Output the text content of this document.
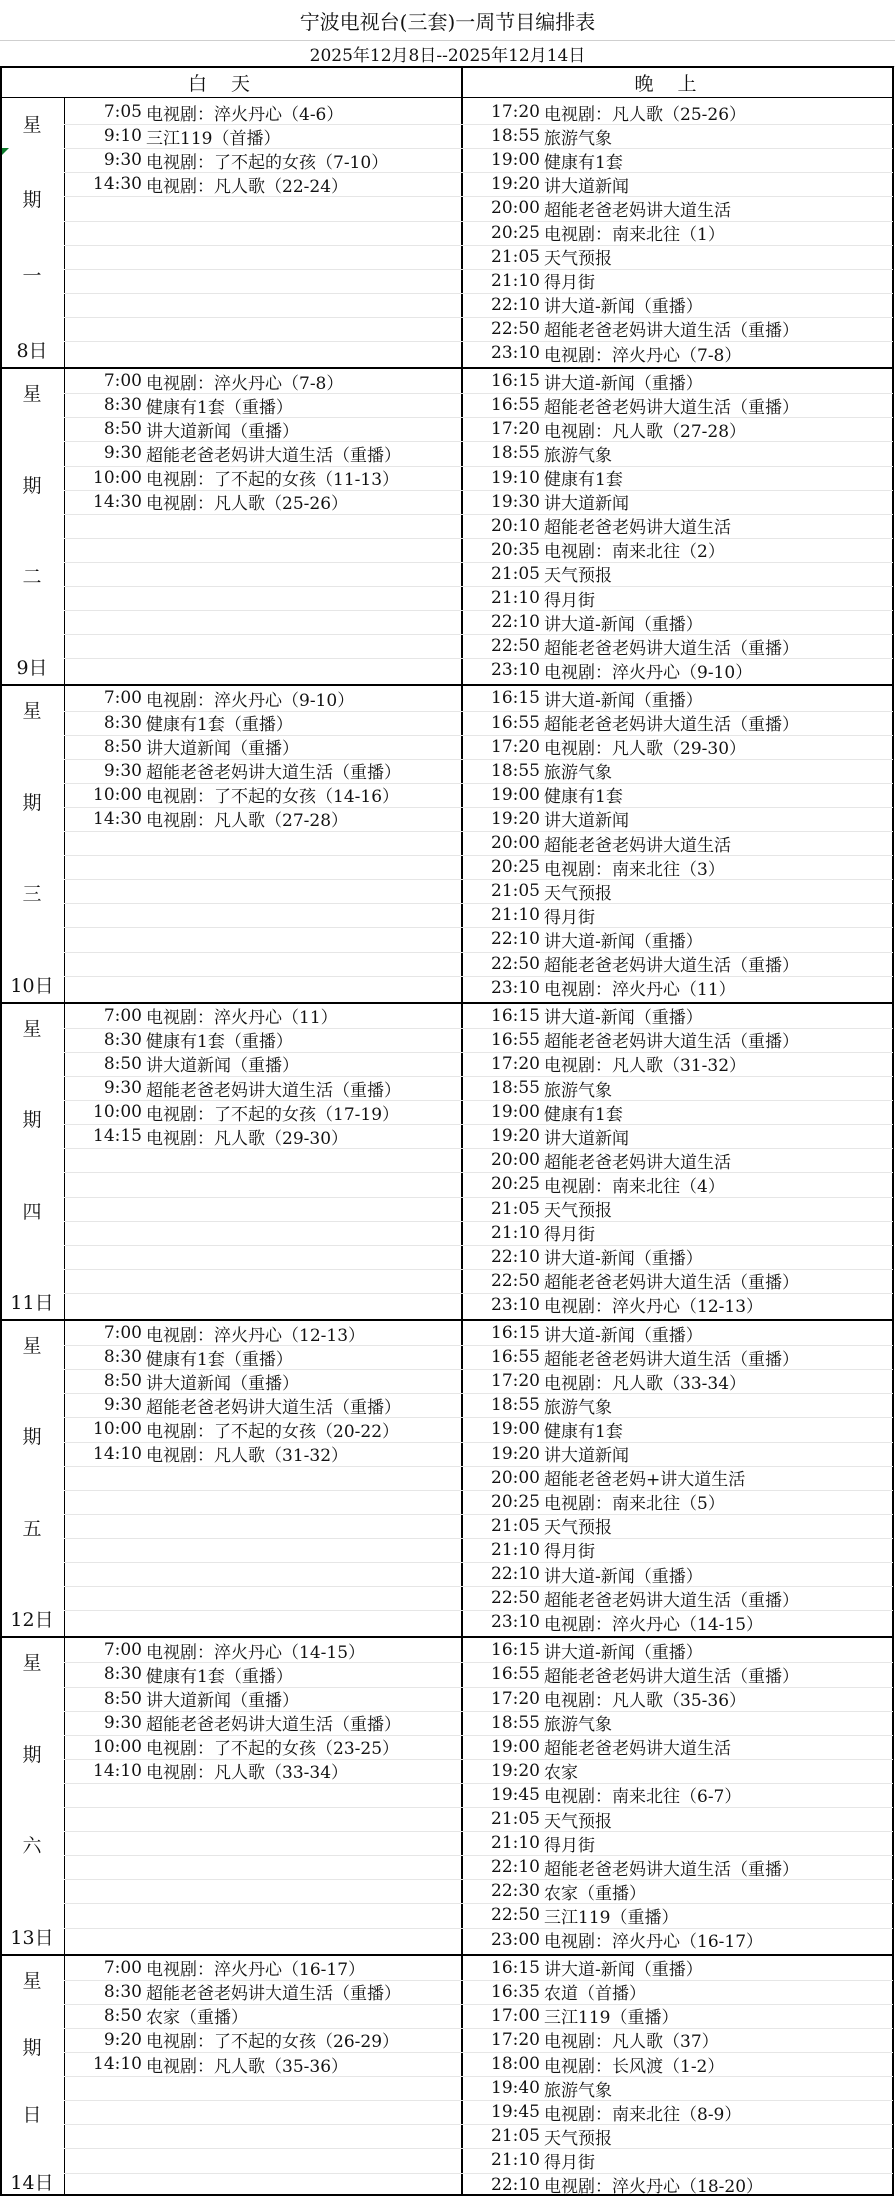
宁波电视台(三套)一周节目编排表
2025年12月8日--2025年12月14日
白天	晚上
星
期
一
8日
7:05 电视剧：淬火丹心（4-6）
9:10 三江119（首播）
9:30 电视剧：了不起的女孩（7-10）
14:30 电视剧：凡人歌（22-24）
17:20 电视剧：凡人歌（25-26）
18:55 旅游气象
19:00 健康有1套
19:20 讲大道新闻
20:00 超能老爸老妈讲大道生活
20:25 电视剧：南来北往（1）
21:05 天气预报
21:10 得月街
22:10 讲大道-新闻（重播）
22:50 超能老爸老妈讲大道生活（重播）
23:10 电视剧：淬火丹心（7-8）
星
期
二
9日
7:00 电视剧：淬火丹心（7-8）
8:30 健康有1套（重播）
8:50 讲大道新闻（重播）
9:30 超能老爸老妈讲大道生活（重播）
10:00 电视剧：了不起的女孩（11-13）
14:30 电视剧：凡人歌（25-26）
16:15 讲大道-新闻（重播）
16:55 超能老爸老妈讲大道生活（重播）
17:20 电视剧：凡人歌（27-28）
18:55 旅游气象
19:10 健康有1套
19:30 讲大道新闻
20:10 超能老爸老妈讲大道生活
20:35 电视剧：南来北往（2）
21:05 天气预报
21:10 得月街
22:10 讲大道-新闻（重播）
22:50 超能老爸老妈讲大道生活（重播）
23:10 电视剧：淬火丹心（9-10）
星
期
三
10日
7:00 电视剧：淬火丹心（9-10）
8:30 健康有1套（重播）
8:50 讲大道新闻（重播）
9:30 超能老爸老妈讲大道生活（重播）
10:00 电视剧：了不起的女孩（14-16）
14:30 电视剧：凡人歌（27-28）
16:15 讲大道-新闻（重播）
16:55 超能老爸老妈讲大道生活（重播）
17:20 电视剧：凡人歌（29-30）
18:55 旅游气象
19:00 健康有1套
19:20 讲大道新闻
20:00 超能老爸老妈讲大道生活
20:25 电视剧：南来北往（3）
21:05 天气预报
21:10 得月街
22:10 讲大道-新闻（重播）
22:50 超能老爸老妈讲大道生活（重播）
23:10 电视剧：淬火丹心（11）
星
期
四
11日
7:00 电视剧：淬火丹心（11）
8:30 健康有1套（重播）
8:50 讲大道新闻（重播）
9:30 超能老爸老妈讲大道生活（重播）
10:00 电视剧：了不起的女孩（17-19）
14:15 电视剧：凡人歌（29-30）
16:15 讲大道-新闻（重播）
16:55 超能老爸老妈讲大道生活（重播）
17:20 电视剧：凡人歌（31-32）
18:55 旅游气象
19:00 健康有1套
19:20 讲大道新闻
20:00 超能老爸老妈讲大道生活
20:25 电视剧：南来北往（4）
21:05 天气预报
21:10 得月街
22:10 讲大道-新闻（重播）
22:50 超能老爸老妈讲大道生活（重播）
23:10 电视剧：淬火丹心（12-13）
星
期
五
12日
7:00 电视剧：淬火丹心（12-13）
8:30 健康有1套（重播）
8:50 讲大道新闻（重播）
9:30 超能老爸老妈讲大道生活（重播）
10:00 电视剧：了不起的女孩（20-22）
14:10 电视剧：凡人歌（31-32）
16:15 讲大道-新闻（重播）
16:55 超能老爸老妈讲大道生活（重播）
17:20 电视剧：凡人歌（33-34）
18:55 旅游气象
19:00 健康有1套
19:20 讲大道新闻
20:00 超能老爸老妈+讲大道生活
20:25 电视剧：南来北往（5）
21:05 天气预报
21:10 得月街
22:10 讲大道-新闻（重播）
22:50 超能老爸老妈讲大道生活（重播）
23:10 电视剧：淬火丹心（14-15）
星
期
六
13日
7:00 电视剧：淬火丹心（14-15）
8:30 健康有1套（重播）
8:50 讲大道新闻（重播）
9:30 超能老爸老妈讲大道生活（重播）
10:00 电视剧：了不起的女孩（23-25）
14:10 电视剧：凡人歌（33-34）
16:15 讲大道-新闻（重播）
16:55 超能老爸老妈讲大道生活（重播）
17:20 电视剧：凡人歌（35-36）
18:55 旅游气象
19:00 超能老爸老妈讲大道生活
19:20 农家
19:45 电视剧：南来北往（6-7）
21:05 天气预报
21:10 得月街
22:10 超能老爸老妈讲大道生活（重播）
22:30 农家（重播）
22:50 三江119（重播）
23:00 电视剧：淬火丹心（16-17）
星
期
日
14日
7:00 电视剧：淬火丹心（16-17）
8:30 超能老爸老妈讲大道生活（重播）
8:50 农家（重播）
9:20 电视剧：了不起的女孩（26-29）
14:10 电视剧：凡人歌（35-36）
16:15 讲大道-新闻（重播）
16:35 农道（首播）
17:00 三江119（重播）
17:20 电视剧：凡人歌（37）
18:00 电视剧：长风渡（1-2）
19:40 旅游气象
19:45 电视剧：南来北往（8-9）
21:05 天气预报
21:10 得月街
22:10 电视剧：淬火丹心（18-20）
